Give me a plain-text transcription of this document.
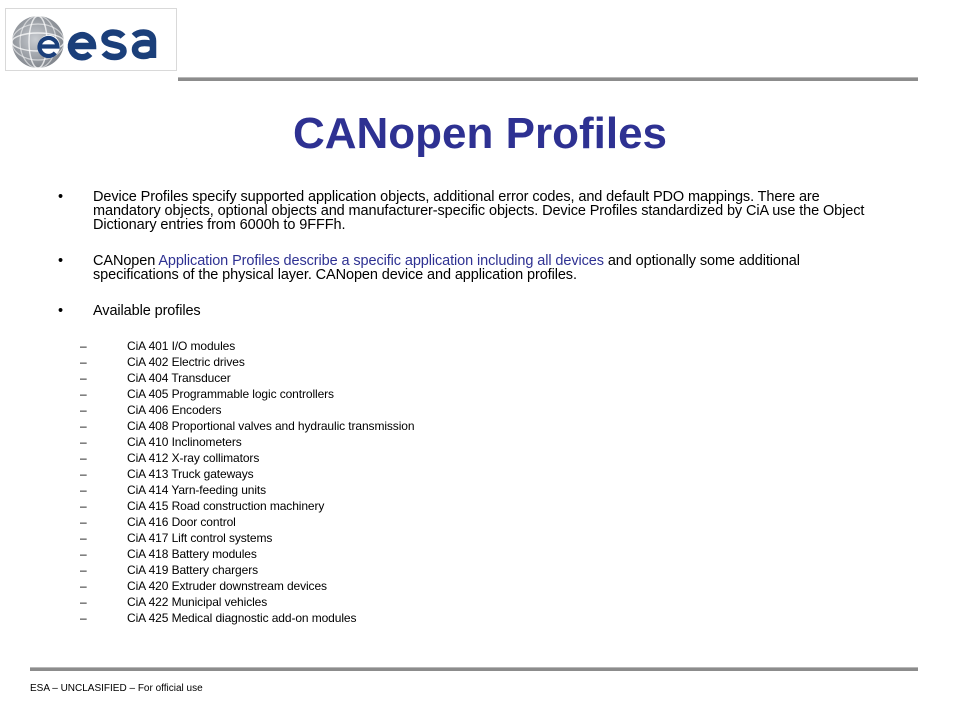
CANopen Profiles
• Device Profiles specify supported application objects, additional error codes, and default PDO mappings. There are mandatory objects, optional objects and manufacturer-specific objects. Device Profiles standardized by CiA use the Object Dictionary entries from 6000h to 9FFFh.
• CANopen Application Profiles describe a specific application including all devices and optionally some additional specifications of the physical layer. CANopen device and application profiles.
• Available profiles
–	CiA 401 I/O modules
–	CiA 402 Electric drives
–	CiA 404 Transducer
–	CiA 405 Programmable logic controllers
–	CiA 406 Encoders
–	CiA 408 Proportional valves and hydraulic transmission
–	CiA 410 Inclinometers
–	CiA 412 X-ray collimators
–	CiA 413 Truck gateways
–	CiA 414 Yarn-feeding units
–	CiA 415 Road construction machinery
–	CiA 416 Door control
–	CiA 417 Lift control systems
–	CiA 418 Battery modules
–	CiA 419 Battery chargers
–	CiA 420 Extruder downstream devices
–	CiA 422 Municipal vehicles
–	CiA 425 Medical diagnostic add-on modules
ESA – UNCLASIFIED – For official use
